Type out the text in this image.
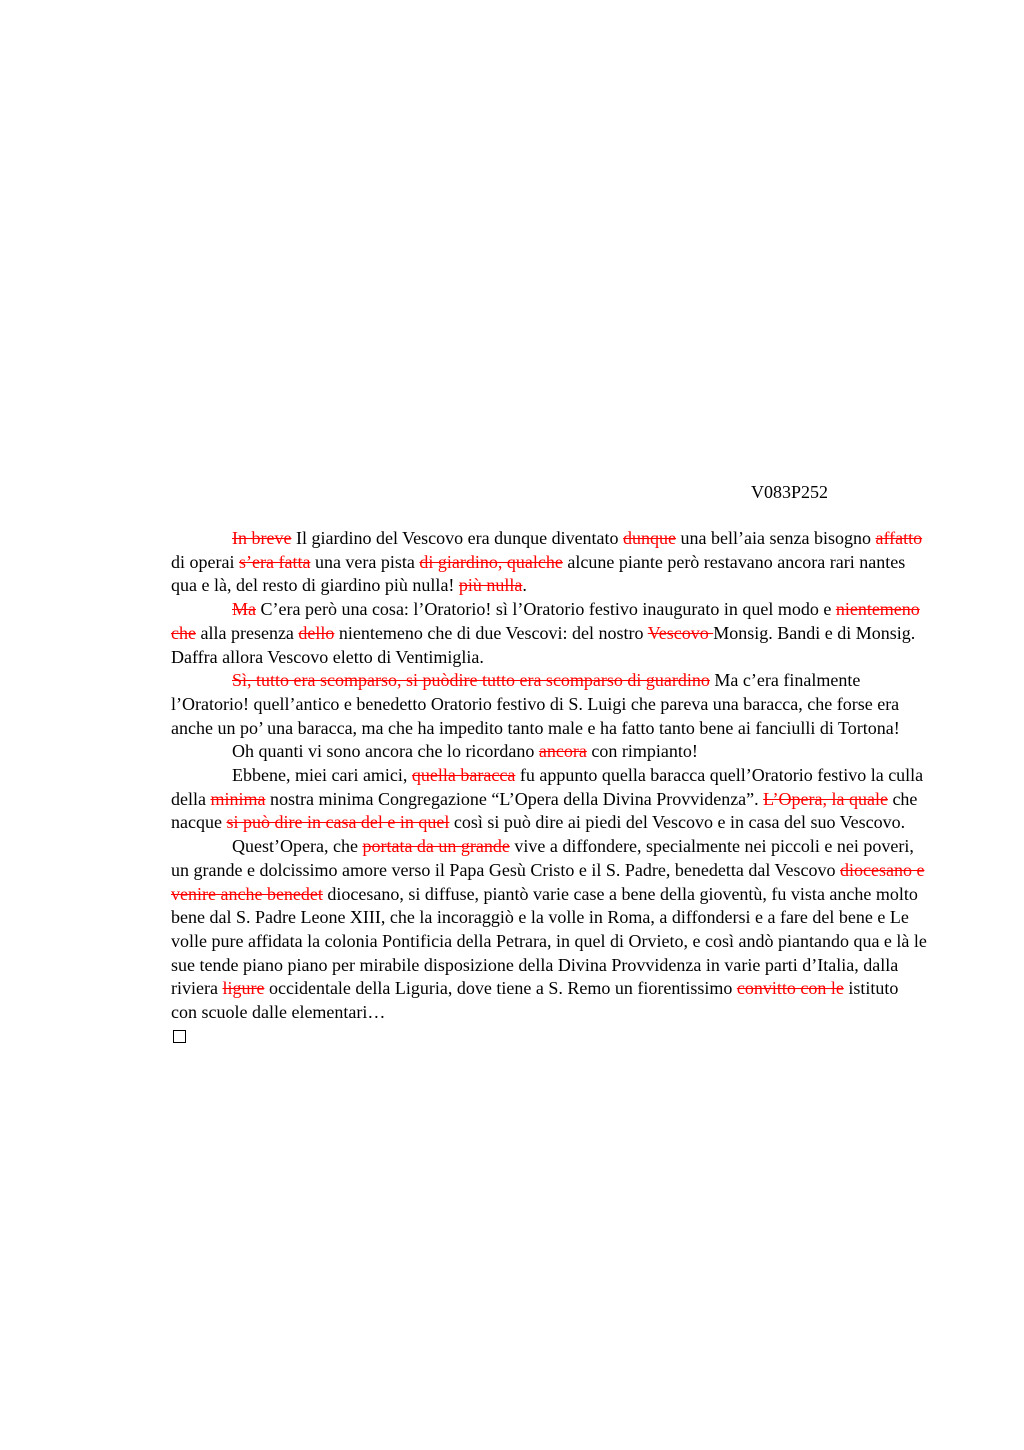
V083P252

In breve Il giardino del Vescovo era dunque diventato dunque una bell’aia senza bisogno affatto di operai s’era fatta una vera pista di giardino, qualche alcune piante però restavano ancora rari nantes qua e là, del resto di giardino più nulla! più nulla.

Ma C’era però una cosa: l’Oratorio! sì l’Oratorio festivo inaugurato in quel modo e nientemeno che alla presenza dello nientemeno che di due Vescovi: del nostro Vescovo Monsig. Bandi e di Monsig. Daffra allora Vescovo eletto di Ventimiglia.

Sì, tutto era scomparso, si puòdire tutto era scomparso di guardino Ma c’era finalmente l’Oratorio! quell’antico e benedetto Oratorio festivo di S. Luigi che pareva una baracca, che forse era anche un po’ una baracca, ma che ha impedito tanto male e ha fatto tanto bene ai fanciulli di Tortona!

Oh quanti vi sono ancora che lo ricordano ancora con rimpianto!

Ebbene, miei cari amici, quella baracca fu appunto quella baracca quell’Oratorio festivo la culla della minima nostra minima Congregazione “L’Opera della Divina Provvidenza”. L’Opera, la quale che nacque si può dire in casa del e in quel così si può dire ai piedi del Vescovo e in casa del suo Vescovo.

Quest’Opera, che portata da un grande vive a diffondere, specialmente nei piccoli e nei poveri, un grande e dolcissimo amore verso il Papa Gesù Cristo e il S. Padre, benedetta dal Vescovo diocesano e venire anche benedet diocesano, si diffuse, piantò varie case a bene della gioventù, fu vista anche molto bene dal S. Padre Leone XIII, che la incoraggiò e la volle in Roma, a diffondersi e a fare del bene e Le volle pure affidata la colonia Pontificia della Petrara, in quel di Orvieto, e così andò piantando qua e là le sue tende piano piano per mirabile disposizione della Divina Provvidenza in varie parti d’Italia, dalla riviera ligure occidentale della Liguria, dove tiene a S. Remo un fiorentissimo convitto con le istituto con scuole dalle elementari…
